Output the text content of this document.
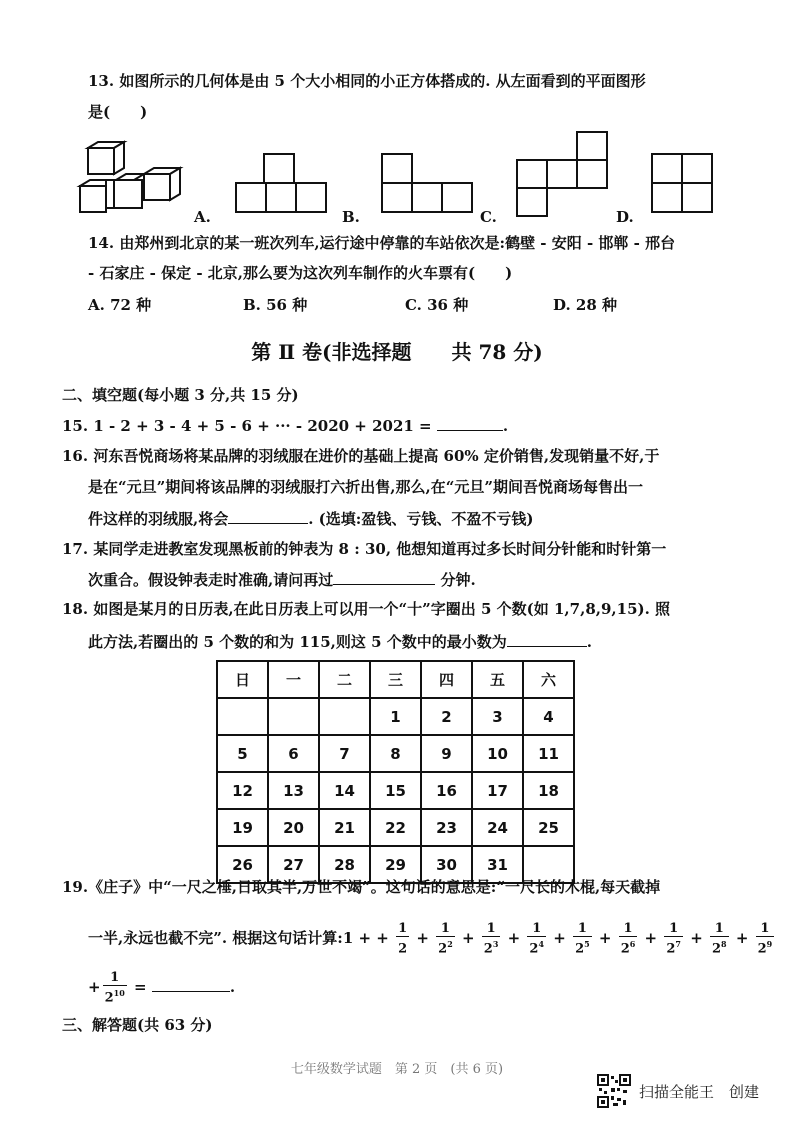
13. 如图所示的几何体是由 5 个大小相同的小正方体搭成的. 从左面看到的平面图形
是(　　)
A.	B.	C.	D.
14. 由郑州到北京的某一班次列车,运行途中停靠的车站依次是:鹤壁 - 安阳 - 邯郸 - 邢台
- 石家庄 - 保定 - 北京,那么要为这次列车制作的火车票有(　　)
A. 72 种	B. 56 种	C. 36 种	D. 28 种
第 Ⅱ 卷(非选择题　　共 78 分)
二、填空题(每小题 3 分,共 15 分)
15. 1 - 2 + 3 - 4 + 5 - 6 + ··· - 2020 + 2021 =	.
16. 河东吾悦商场将某品牌的羽绒服在进价的基础上提高 60% 定价销售,发现销量不好,于
是在“元旦”期间将该品牌的羽绒服打六折出售,那么,在“元旦”期间吾悦商场每售出一
件这样的羽绒服,将会	. (选填:盈钱、亏钱、不盈不亏钱)
17. 某同学走进教室发现黑板前的钟表为 8 : 30, 他想知道再过多长时间分针能和时针第一
次重合。假设钟表走时准确,请问再过	分钟.
18. 如图是某月的日历表,在此日历表上可以用一个“十”字圈出 5 个数(如 1,7,8,9,15). 照
此方法,若圈出的 5 个数的和为 115,则这 5 个数中的最小数为	.
日	一	二	三	四	五	六
			1	2	3	4
5	6	7	8	9	10	11
12	13	14	15	16	17	18
19	20	21	22	23	24	25
26	27	28	29	30	31	
19.《庄子》中“一尺之棰,日取其半,万世不竭”。这句话的意思是:“一尺长的木棍,每天截掉
一半,永远也截不完”. 根据这句话计算:1 + + $\frac{1}{2} + \frac{1}{2^2} + \frac{1}{2^3} + \frac{1}{2^4} + \frac{1}{2^5} + \frac{1}{2^6} + \frac{1}{2^7} + \frac{1}{2^8} + \frac{1}{2^9}$
+ $\frac{1}{2^{10}}$ =	.
三、解答题(共 63 分)
七年级数学试题　第 2 页　(共 6 页)
扫描全能王　创建
